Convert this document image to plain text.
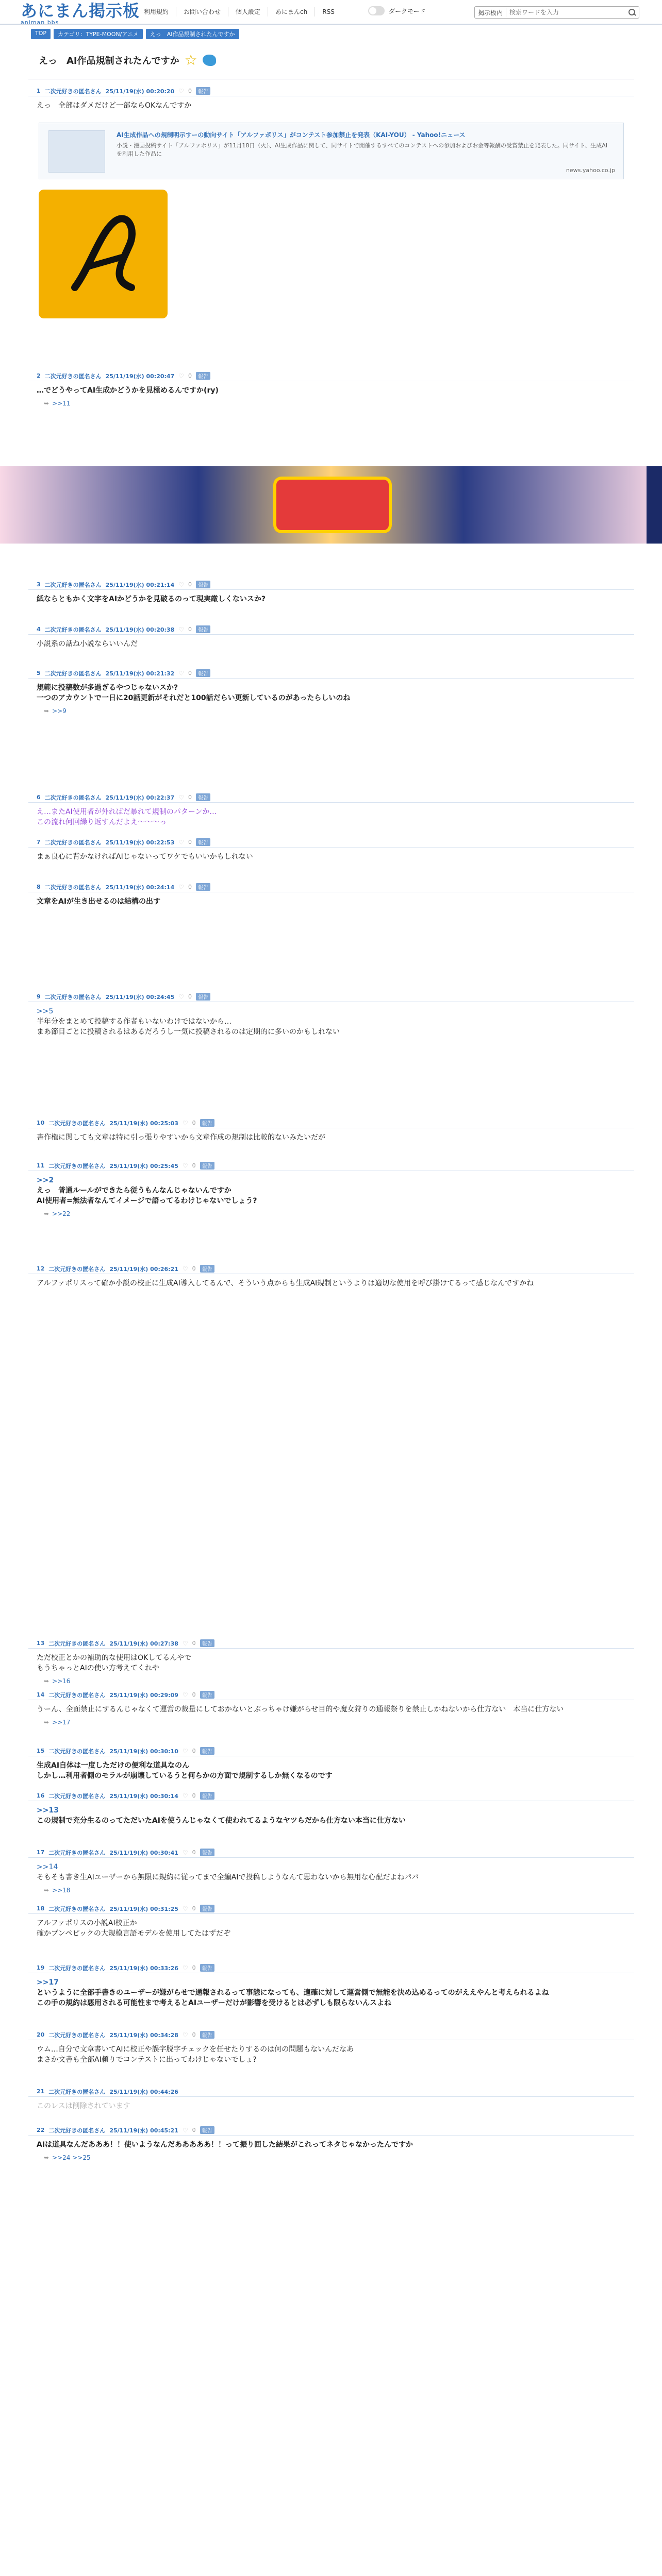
あにまん掲示板
animan bbs
利用規約	お問い合わせ	個人設定	あにまんch	RSS	ダークモード	掲示板内
検索ワードを入力
TOP	カテゴリ：TYPE-MOON/アニメ	えっ　AI作品規制されたんですか
えっ　AI作品規制されたんですか ☆
1 二次元好きの匿名さん 25/11/19(水) 00:20:20 ♡ 0	報告
えっ　全部はダメだけど一部ならOKなんですか
2 二次元好きの匿名さん 25/11/19(水) 00:20:47 ♡ 0	報告
…でどうやってAI生成かどうかを見極めるんですか(ry)
➥ >>11
3 二次元好きの匿名さん 25/11/19(水) 00:21:14 ♡ 0	報告
紙ならともかく文字をAIかどうかを見破るのって現実厳しくないスか?
4 二次元好きの匿名さん 25/11/19(水) 00:20:38 ♡ 0	報告
小説系の話ね小説ならいいんだ
5 二次元好きの匿名さん 25/11/19(水) 00:21:32 ♡ 0	報告
規範に投稿数が多過ぎるやつじゃないスか?
一つのアカウントで一日に20話更新がそれだと100話だらい更新しているのがあったらしいのね
➥ >>9
6 二次元好きの匿名さん 25/11/19(水) 00:22:37 ♡ 0	報告
え…またAI使用者が外ればだ暴れて規制のパターンか…
この流れ何回繰り返すんだよえ〜〜〜っ
7 二次元好きの匿名さん 25/11/19(水) 00:22:53 ♡ 0	報告
まぁ良心に背かなければAIじゃないってワケでもいいかもしれない
8 二次元好きの匿名さん 25/11/19(水) 00:24:14 ♡ 0	報告
文章をAIが生き出せるのは結構の出す
9 二次元好きの匿名さん 25/11/19(水) 00:24:45 ♡ 0	報告
>>5
半年分をまとめて投稿する作者もいないわけではないから…
まあ節目ごとに投稿されるはあるだろうし一気に投稿されるのは定期的に多いのかもしれない
10 二次元好きの匿名さん 25/11/19(水) 00:25:03 ♡ 0	報告
書作権に関しても文章は特に引っ張りやすいから文章作成の規制は比較的ないみたいだが
11 二次元好きの匿名さん 25/11/19(水) 00:25:45 ♡ 0	報告
>>2
えっ　普通ルールができたら従うもんなんじゃないんですか
AI使用者=無法者なんてイメージで語ってるわけじゃないでしょう?
➥ >>22
12 二次元好きの匿名さん 25/11/19(水) 00:26:21 ♡ 0	報告
アルファポリスって確か小説の校正に生成AI導入してるんで、そういう点からも生成AI規制というよりは適切な使用を呼び掛けてるって感じなんですかね
13 二次元好きの匿名さん 25/11/19(水) 00:27:38 ♡ 0	報告
ただ校正とかの補助的な使用はOKしてるんやで
もうちゃっとAIの使い方考えてくれや
➥ >>16
14 二次元好きの匿名さん 25/11/19(水) 00:29:09 ♡ 0	報告
うーん、全面禁止にするんじゃなくて運営の裁量にしておかないとぶっちゃけ嫌がらせ目的や魔女狩りの通報祭りを禁止しかねないから仕方ない　本当に仕方ない
➥ >>17
15 二次元好きの匿名さん 25/11/19(水) 00:30:10 ♡ 0	報告
生成AI自体は一度しただけの便利な道具なのん
しかし…利用者側のモラルが崩壊しているうと何らかの方面で規制するしか無くなるのです
16 二次元好きの匿名さん 25/11/19(水) 00:30:14 ♡ 0	報告
>>13
この規制で充分生るのってただいたAIを使うんじゃなくて使われてるようなヤツらだから仕方ない本当に仕方ない
17 二次元好きの匿名さん 25/11/19(水) 00:30:41 ♡ 0	報告
>>14
そもそも書き生AIユーザーから無限に規約に従ってまで全編AIで投稿しようなんて思わないから無用な心配だよねパパ
➥ >>18
18 二次元好きの匿名さん 25/11/19(水) 00:31:25 ♡ 0	報告
アルファポリスの小説AI校正か
確かブンペピックの大規模言語モデルを使用してたはずだぞ
19 二次元好きの匿名さん 25/11/19(水) 00:33:26 ♡ 0	報告
>>17
というように全部手書きのユーザーが嫌がらせで通報されるって事態になっても、適確に対して運営側で無能を決め込めるってのがええやんと考えられるよね
この手の規約は悪用される可能性まで考えるとAIユーザーだけが影響を受けるとは必ずしも限らないんスよね
20 二次元好きの匿名さん 25/11/19(水) 00:34:28 ♡ 0	報告
ウム…自分で文章書いてAIに校正や誤字脱字チェックを任せたりするのは何の問題もないんだなあ
まさか文書も全部AI頼りでコンテストに出ってわけじゃないでしょ?
21 二次元好きの匿名さん 25/11/19(水) 00:44:26
このレスは削除されています
22 二次元好きの匿名さん 25/11/19(水) 00:45:21 ♡ 0	報告
AIは道具なんだあああ！！使いようなんだあああああ！！って振り回した結果がこれってネタじゃなかったんですか
➥ >>24 >>25
AI生成作品への規制明示すーの動向サイト「アルファポリス」がコンテスト参加禁止を発表（KAI-YOU） - Yahoo!ニュース
小説・漫画投稿サイト「アルファポリス」が11月18日（火）、AI生成作品に関して、同サイトで開催するすべてのコンテストへの参加およびお金等報酬の受賞禁止を発表した。同サイト、生成AIを利用した作品に
news.yahoo.co.jp
